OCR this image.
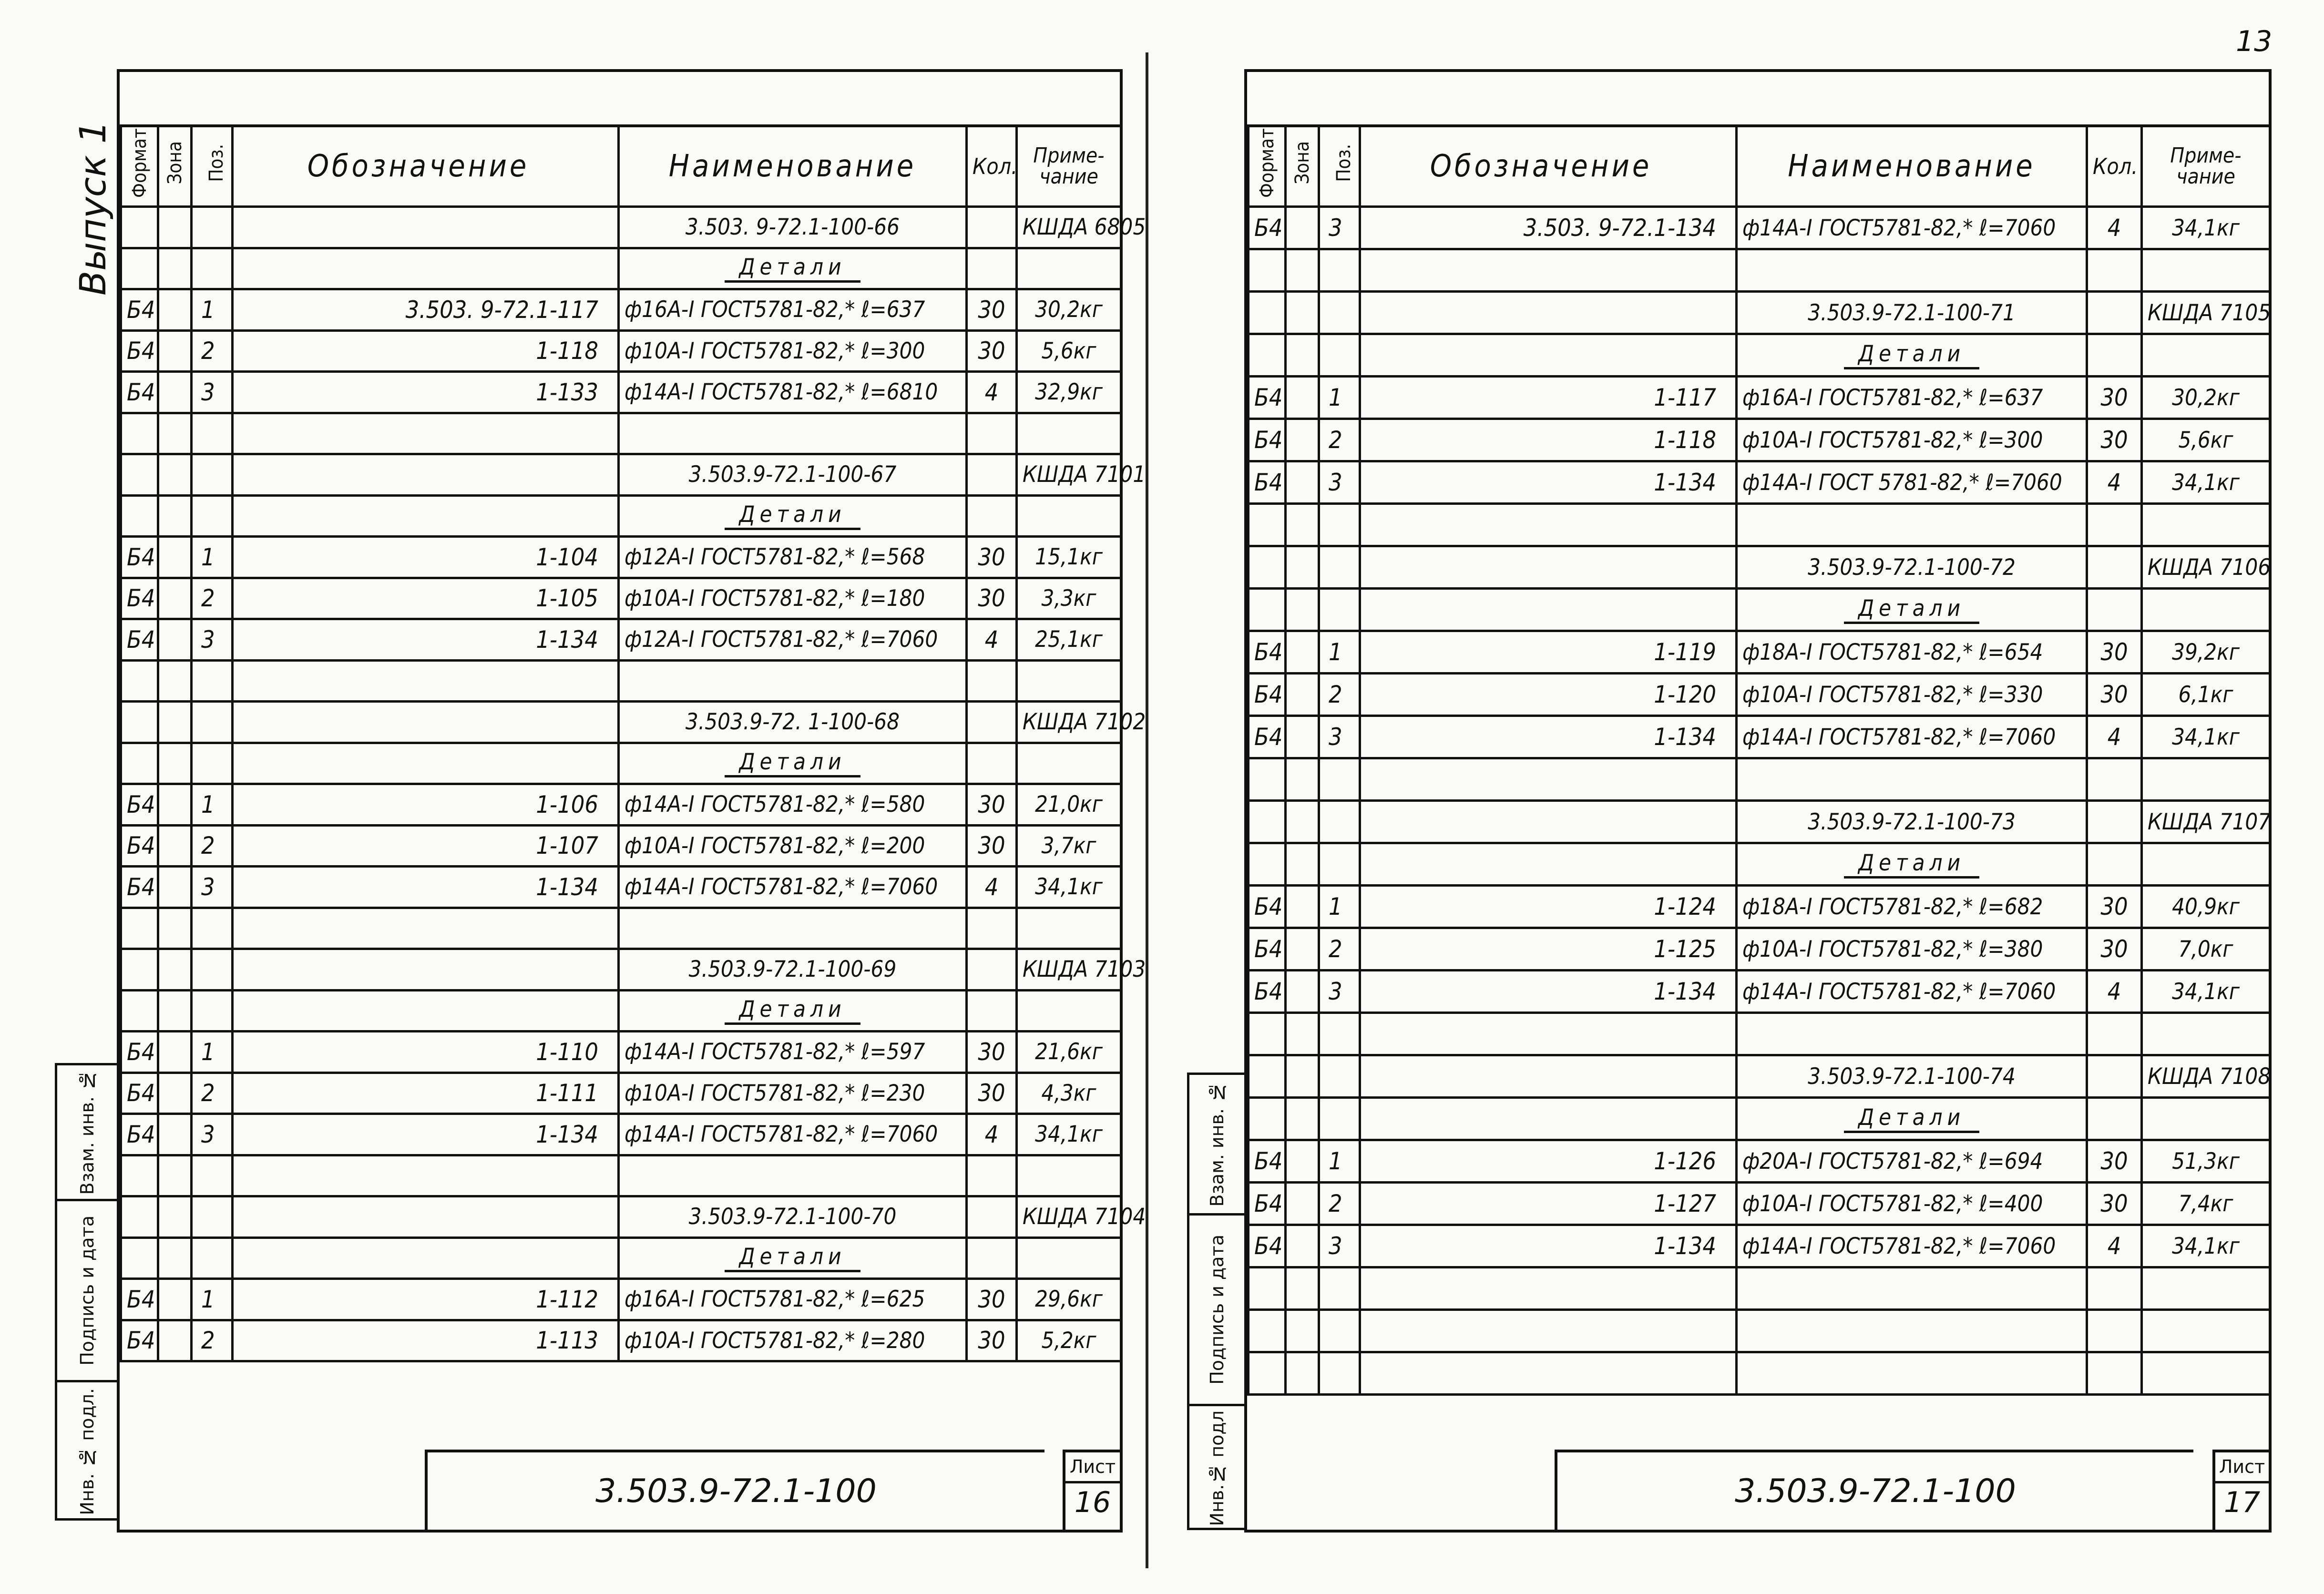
13
Выпуск 1 Формат	Зона	Поз.	Обозначение	Наименование	Кол.	Приме-чание
				3.503. 9-72.1-100-66		КШДА 6805
				Детали		
Б4		1	3.503. 9-72.1-117	ф16А-I ГОСТ5781-82,* ℓ=637	30	30,2кг
Б4		2	1-118	ф10А-I ГОСТ5781-82,* ℓ=300	30	5,6кг
Б4		3	1-133	ф14А-I ГОСТ5781-82,* ℓ=6810	4	32,9кг

				3.503.9-72.1-100-67		КШДА 7101
				Детали		
Б4		1	1-104	ф12А-I ГОСТ5781-82,* ℓ=568	30	15,1кг
Б4		2	1-105	ф10А-I ГОСТ5781-82,* ℓ=180	30	3,3кг
Б4		3	1-134	ф12А-I ГОСТ5781-82,* ℓ=7060	4	25,1кг

				3.503.9-72. 1-100-68		КШДА 7102
				Детали		
Б4		1	1-106	ф14А-I ГОСТ5781-82,* ℓ=580	30	21,0кг
Б4		2	1-107	ф10А-I ГОСТ5781-82,* ℓ=200	30	3,7кг
Б4		3	1-134	ф14А-I ГОСТ5781-82,* ℓ=7060	4	34,1кг

				3.503.9-72.1-100-69		КШДА 7103
				Детали		
Б4		1	1-110	ф14А-I ГОСТ5781-82,* ℓ=597	30	21,6кг
Б4		2	1-111	ф10А-I ГОСТ5781-82,* ℓ=230	30	4,3кг
Б4		3	1-134	ф14А-I ГОСТ5781-82,* ℓ=7060	4	34,1кг

				3.503.9-72.1-100-70		КШДА 7104
				Детали		
Б4		1	1-112	ф16А-I ГОСТ5781-82,* ℓ=625	30	29,6кг
Б4		2	1-113	ф10А-I ГОСТ5781-82,* ℓ=280	30	5,2кг
3.503.9-72.1-100
Лист
16
Взам. инв. №
Подпись и дата
Инв. № подл.
Формат	Зона	Поз.	Обозначение	Наименование	Кол.	Приме-чание
Б4		3	3.503. 9-72.1-134	ф14А-I ГОСТ5781-82,* ℓ=7060	4	34,1кг

				3.503.9-72.1-100-71		КШДА 7105
				Детали		
Б4		1	1-117	ф16А-I ГОСТ5781-82,* ℓ=637	30	30,2кг
Б4		2	1-118	ф10А-I ГОСТ5781-82,* ℓ=300	30	5,6кг
Б4		3	1-134	ф14А-I ГОСТ 5781-82,* ℓ=7060	4	34,1кг

				3.503.9-72.1-100-72		КШДА 7106
				Детали		
Б4		1	1-119	ф18А-I ГОСТ5781-82,* ℓ=654	30	39,2кг
Б4		2	1-120	ф10А-I ГОСТ5781-82,* ℓ=330	30	6,1кг
Б4		3	1-134	ф14А-I ГОСТ5781-82,* ℓ=7060	4	34,1кг

				3.503.9-72.1-100-73		КШДА 7107
				Детали		
Б4		1	1-124	ф18А-I ГОСТ5781-82,* ℓ=682	30	40,9кг
Б4		2	1-125	ф10А-I ГОСТ5781-82,* ℓ=380	30	7,0кг
Б4		3	1-134	ф14А-I ГОСТ5781-82,* ℓ=7060	4	34,1кг

				3.503.9-72.1-100-74		КШДА 7108
				Детали		
Б4		1	1-126	ф20А-I ГОСТ5781-82,* ℓ=694	30	51,3кг
Б4		2	1-127	ф10А-I ГОСТ5781-82,* ℓ=400	30	7,4кг
Б4		3	1-134	ф14А-I ГОСТ5781-82,* ℓ=7060	4	34,1кг

3.503.9-72.1-100
Лист
17
Взам. инв. №
Подпись и дата
Инв.№ подл
